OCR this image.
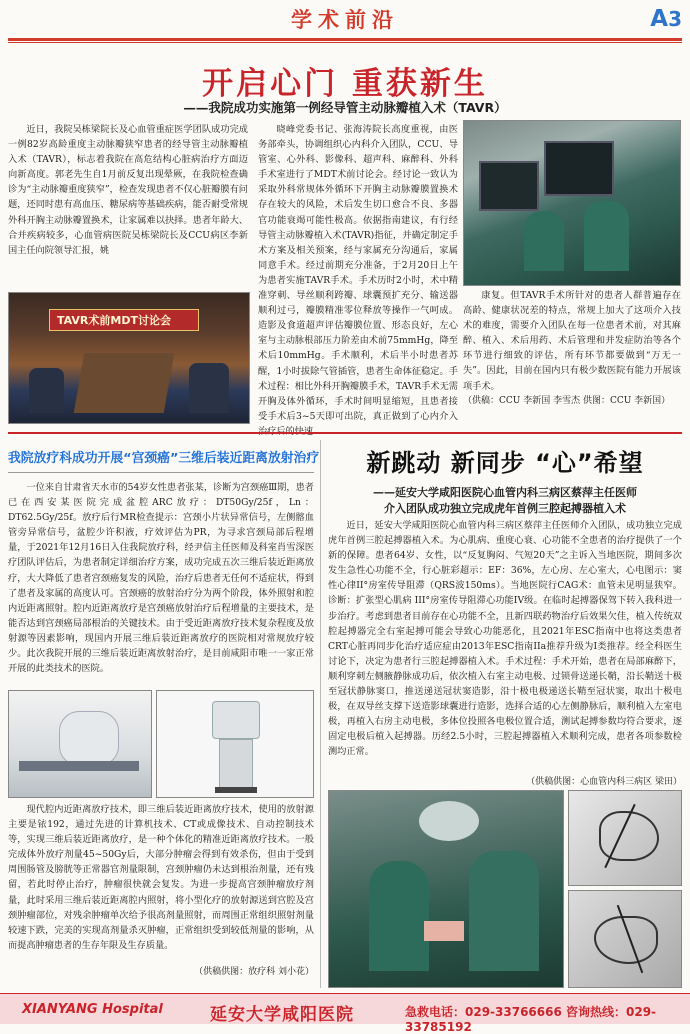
学术前沿	A3
开启心门 重获新生
——我院成功实施第一例经导管主动脉瓣植入术（TAVR）
近日，我院吴栋梁院长及心血管重症医学团队成功完成一例82岁高龄重度主动脉瓣狭窄患者的经导管主动脉瓣植入术（TAVR），标志着我院在高危结构心脏病治疗方面迈向新高度。郭老先生自1月前反复出现晕厥，在我院检查确诊为“主动脉瓣重度狭窄”，检查发现患者不仅心脏瓣膜有问题，还同时患有高血压、糖尿病等基础疾病，能否耐受常规外科开胸主动脉瓣置换术，让家属难以抉择。患者年龄大、合并疾病较多，心血管病医院吴栋梁院长及CCU病区李新国主任向院领导汇报，姚
TAVR术前MDT讨论会
晓峰党委书记、张海涛院长高度重视，由医务部牵头，协调组织心内科介入团队，CCU、导管室、心外科、影像科、超声科、麻醉科、外科手术室进行了MDT术前讨论会。经讨论一致认为采取外科常规体外循环下开胸主动脉瓣膜置换术存在较大的风险，术后发生切口愈合不良、多器官功能衰竭可能性极高。依据指南建议，有行经导管主动脉瓣植入术(TAVR)指征，并确定制定手术方案及相关预案，经与家属充分沟通后，家属同意手术。经过前期充分准备，于2月20日上午为患者实施TAVR手术。手术历时2小时，术中精准穿刺、导丝顺利跨瓣、球囊预扩充分、输送器顺利过弓，瓣膜精准零位释放等操作一气呵成。造影及食道超声评估瓣膜位置、形态良好，左心室与主动脉根部压力阶差由术前75mmHg，降至术后10mmHg。手术顺利，术后半小时患者苏醒，1小时拔除气管插管，患者生命体征稳定。手术过程：相比外科开胸瓣膜手术，TAVR手术无需开胸及体外循环，手术时间明显缩短，且患者接受手术后3~5天即可出院，真正做到了心内介入
康复。但TAVR手术所针对的患者人群普遍存在高龄、健康状况差的特点，常规上加大了这项介入技术的难度，需要介入团队在每一位患者术前，对其麻醉、植入、术后用药、术后管理和并发症防治等各个环节进行细致的评估，所有环节都要做到“万无一失”。因此，目前在国内只有极少数医院有能力开展该项手术。
（供稿：CCU 李新国 李雪杰 供图：CCU 李新国）
我院放疗科成功开展“宫颈癌”三维后装近距离放射治疗
一位来自甘肃省天水市的54岁女性患者张某，诊断为宫颈癌Ⅲ期，患者已在西安某医院完成盆腔ARC放疗：DT50Gy/25f，Ln：DT62.5Gy/25f。放疗后行MR检查提示：宫颈小片状异常信号，左侧髂血管旁异常信号，盆腔少许积液，疗效评估为PR，为寻求宫颈局部后程增量，于2021年12月16日入住我院放疗科，经尹信主任医师及科室肖雪深医疗团队评估后，为患者制定详细治疗方案，成功完成五次三维后装近距离放疗，大大降低了患者宫颈癌复发的风险，治疗后患者无任何不适症状，得到了患者及家属的高度认可。宫颈癌的放射治疗分为两个阶段，体外照射和腔内近距离照射。腔内近距离放疗是宫颈癌放射治疗后程增量的主要技术，是能否达到宫颈癌局部根治的关键技术。由于受近距离放疗技术复杂程度及放射源等因素影响，现国内开展三维后装近距离放疗的医院相对常规放疗较少。此次我院开展的三维后装近距离放射治疗，是目前咸阳市唯一一家正常开展的此类技术的医院。
现代腔内近距离放疗技术，即三维后装近距离放疗技术，使用的放射源主要是铱192，通过先进的计算机技术、CT或成像技术、自动控制技术等，实现三维后装近距离放疗，是一种个体化的精准近距离放疗技术。一般完成体外放疗剂量45~50Gy后，大部分肿瘤会得到有效杀伤，但由于受到周围肠管及膀胱等正常器官剂量限制，宫颈肿瘤仍未达到根治剂量，还有残留，若此时停止治疗，肿瘤很快就会复发。为进一步提高宫颈肿瘤放疗剂量，此时采用三维后装近距离腔内照射，将小型化疗的放射源送到宫腔及宫颈肿瘤部位，对残余肿瘤单次给予很高剂量照射，而周围正常组织照射剂量较速下跌，完美的实现高剂量杀灭肿瘤，正常组织受到较低剂量的影响，从而提高肿瘤患者的生存年限及生存质量。
（供稿供图：放疗科 刘小花）
新跳动 新同步 “心”希望
——延安大学咸阳医院心血管内科三病区蔡萍主任医师
介入团队成功独立完成虎年首例三腔起搏器植入术
近日，延安大学咸阳医院心血管内科三病区蔡萍主任医师介入团队，成功独立完成虎年首例三腔起搏器植入术。为心肌病、重度心衰、心功能不全患者的治疗提供了一个新的保障。患者64岁、女性，以“反复胸闷、气短20天”之主诉入当地医院，期间多次发生急性心功能不全，行心脏彩超示：EF：36%，左心房、左心室大，心电图示：窦性心律II°房室传导阻滞（QRS波150ms）。当地医院行CAG术：血管未见明显狭窄。诊断：扩张型心肌病 III°房室传导阻滞心功能IV级。在临时起搏器保驾下转入我科进一步治疗。考虑到患者目前存在心功能不全，且新四联药物治疗后效果欠佳，植入传统双腔起搏器完全右室起搏可能会导致心功能恶化，且2021年ESC指南中也将这类患者CRT心脏再同步化治疗适应症由2013年ESC指南IIa推荐升级为I类推荐。经全科医生讨论下，决定为患者行三腔起搏器植入术。手术过程：手术开始，患者在局部麻醉下，顺利穿刺左侧腋静脉成功后，依次植入右室主动电极、过锁骨送递长鞘，沿长鞘送十极至冠状静脉窦口，推送递送冠状窦造影，沿十极电极递送长鞘至冠状窦，取出十极电极，在双导丝支撑下送造影球囊进行造影，选择合适的心左侧静脉后，顺利植入左室电极，再植入右房主动电极，多体位投照各电极位置合适，测试起搏参数均符合要求，逐固定电极后植入起搏器。历经2.5小时，三腔起搏器植入术顺利完成，患者各项参数检测均正常。
（供稿供图：心血管内科三病区 梁田）
XIANYANG Hospital	延安大学咸阳医院	急救电话：029-33766666 咨询热线：029-33785192
